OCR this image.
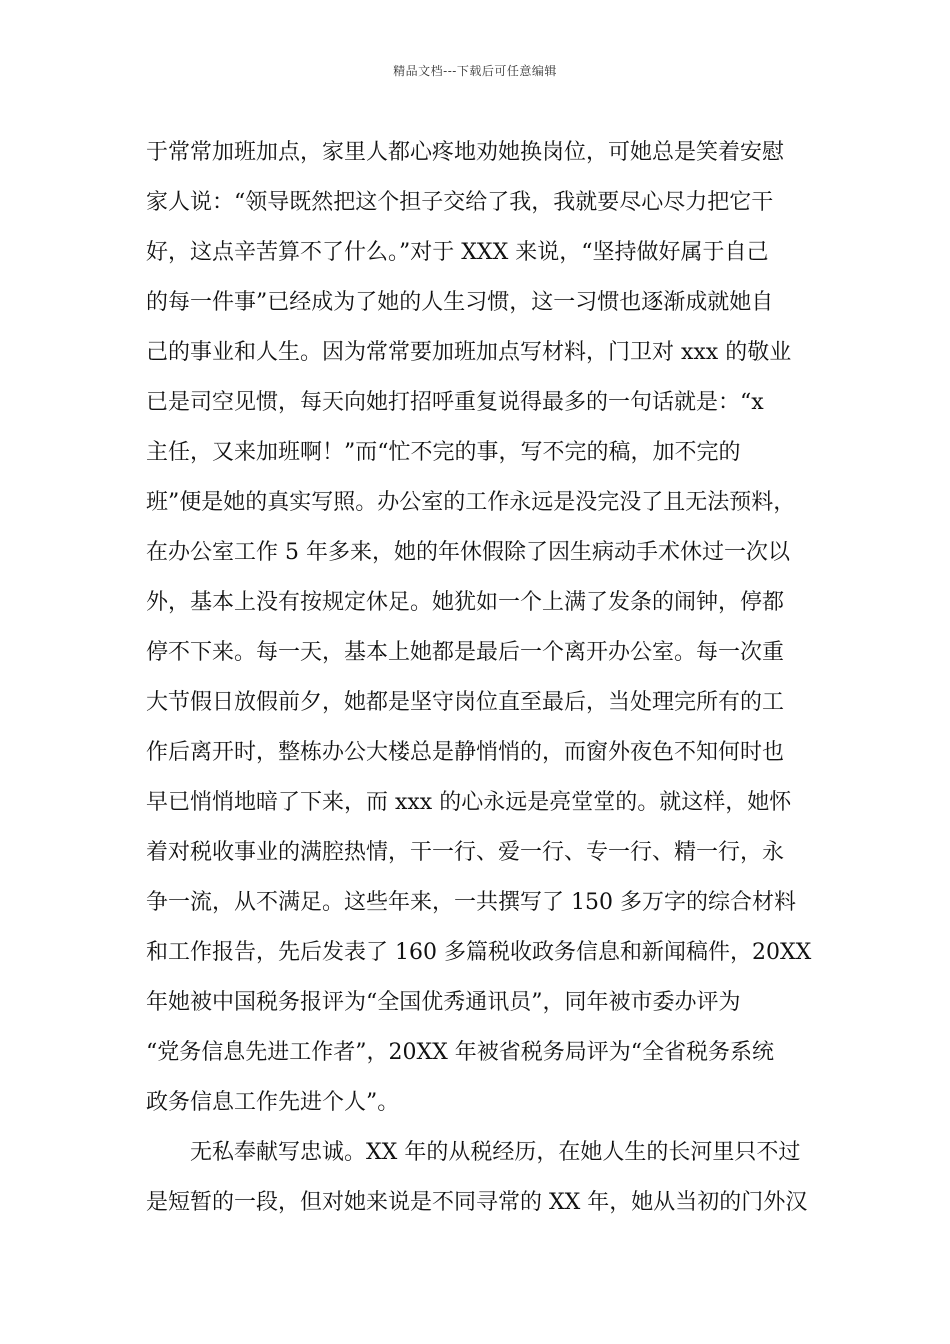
精品文档---下载后可任意编辑
于常常加班加点，家里人都心疼地劝她换岗位，可她总是笑着安慰
家人说：“领导既然把这个担子交给了我，我就要尽心尽力把它干
好，这点辛苦算不了什么。”对于 XXX 来说，“坚持做好属于自己
的每一件事”已经成为了她的人生习惯，这一习惯也逐渐成就她自
己的事业和人生。因为常常要加班加点写材料，门卫对 xxx 的敬业
已是司空见惯，每天向她打招呼重复说得最多的一句话就是：“x
主任，又来加班啊！”而“忙不完的事，写不完的稿，加不完的
班”便是她的真实写照。办公室的工作永远是没完没了且无法预料，
在办公室工作 5 年多来，她的年休假除了因生病动手术休过一次以
外，基本上没有按规定休足。她犹如一个上满了发条的闹钟，停都
停不下来。每一天，基本上她都是最后一个离开办公室。每一次重
大节假日放假前夕，她都是坚守岗位直至最后，当处理完所有的工
作后离开时，整栋办公大楼总是静悄悄的，而窗外夜色不知何时也
早已悄悄地暗了下来，而 xxx 的心永远是亮堂堂的。就这样，她怀
着对税收事业的满腔热情，干一行、爱一行、专一行、精一行，永
争一流，从不满足。这些年来，一共撰写了 150 多万字的综合材料
和工作报告，先后发表了 160 多篇税收政务信息和新闻稿件，20XX
年她被中国税务报评为“全国优秀通讯员”，同年被市委办评为
“党务信息先进工作者”，20XX 年被省税务局评为“全省税务系统
政务信息工作先进个人”。
　　无私奉献写忠诚。XX 年的从税经历，在她人生的长河里只不过
是短暂的一段，但对她来说是不同寻常的 XX 年，她从当初的门外汉
